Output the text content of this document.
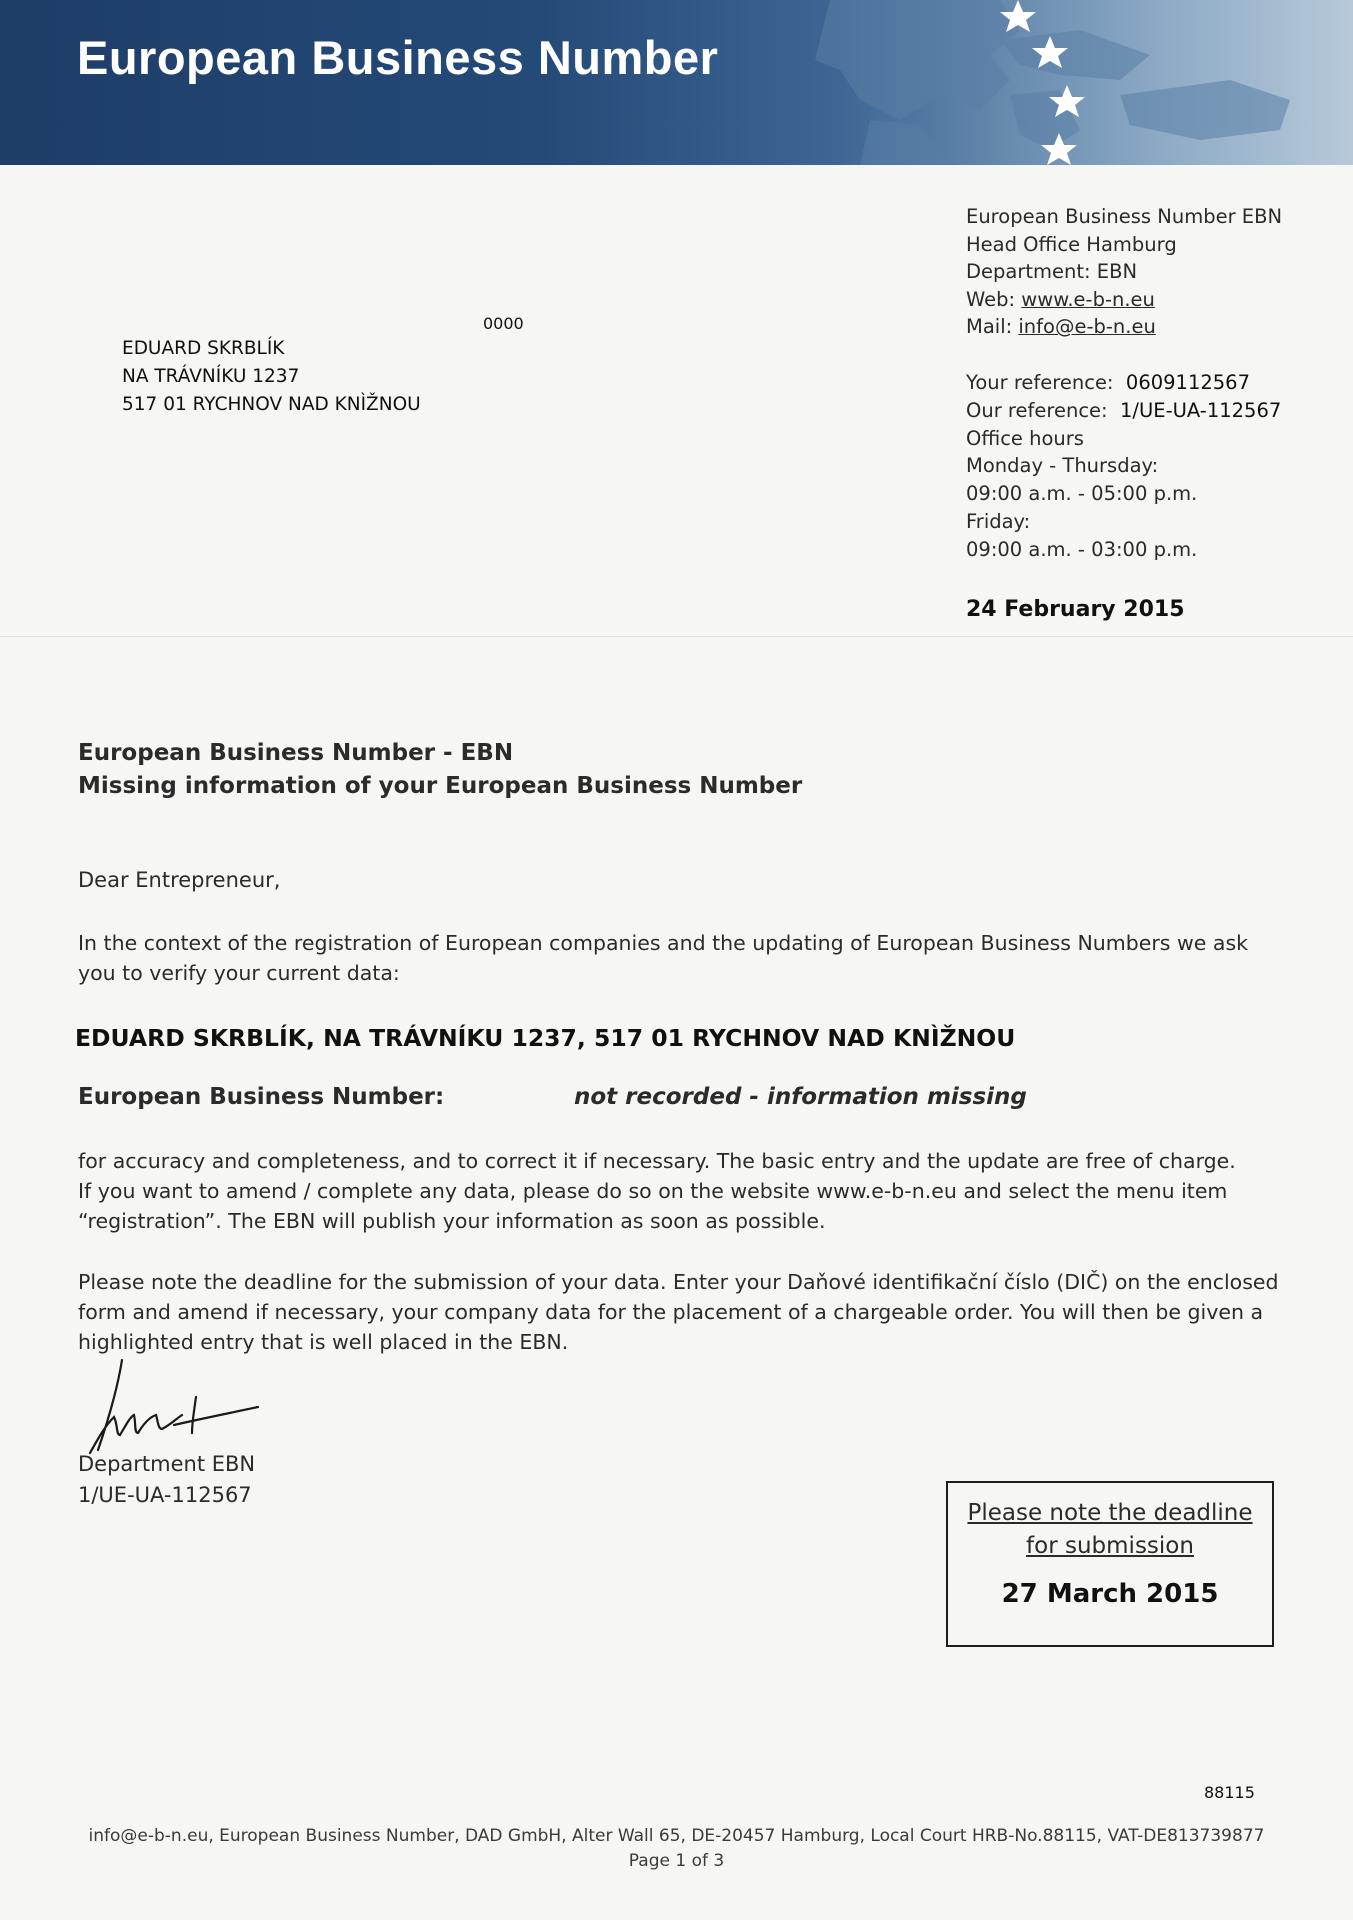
European Business Number
European Business Number EBN
Head Office Hamburg
Department: EBN
Web: www.e-b-n.eu
Mail: info@e-b-n.eu
Your reference: 0609112567
Our reference: 1/UE-UA-112567
Office hours
Monday - Thursday:
09:00 a.m. - 05:00 p.m.
Friday:
09:00 a.m. - 03:00 p.m.
24 February 2015
0000
EDUARD SKRBLÍK
NA TRÁVNÍKU 1237
517 01 RYCHNOV NAD KNÌŽNOU
European Business Number - EBN
Missing information of your European Business Number
Dear Entrepreneur,
In the context of the registration of European companies and the updating of European Business Numbers we ask
you to verify your current data:
EDUARD SKRBLÍK, NA TRÁVNÍKU 1237, 517 01 RYCHNOV NAD KNÌŽNOU
European Business Number:	not recorded - information missing
for accuracy and completeness, and to correct it if necessary. The basic entry and the update are free of charge.
If you want to amend / complete any data, please do so on the website www.e-b-n.eu and select the menu item
“registration”. The EBN will publish your information as soon as possible.
Please note the deadline for the submission of your data. Enter your Daňové identifikační číslo (DIČ) on the enclosed
form and amend if necessary, your company data for the placement of a chargeable order. You will then be given a
highlighted entry that is well placed in the EBN.
Department EBN
1/UE-UA-112567
Please note the deadline
for submission
27 March 2015
88115
info@e-b-n.eu, European Business Number, DAD GmbH, Alter Wall 65, DE-20457 Hamburg, Local Court HRB-No.88115, VAT-DE813739877
Page 1 of 3
